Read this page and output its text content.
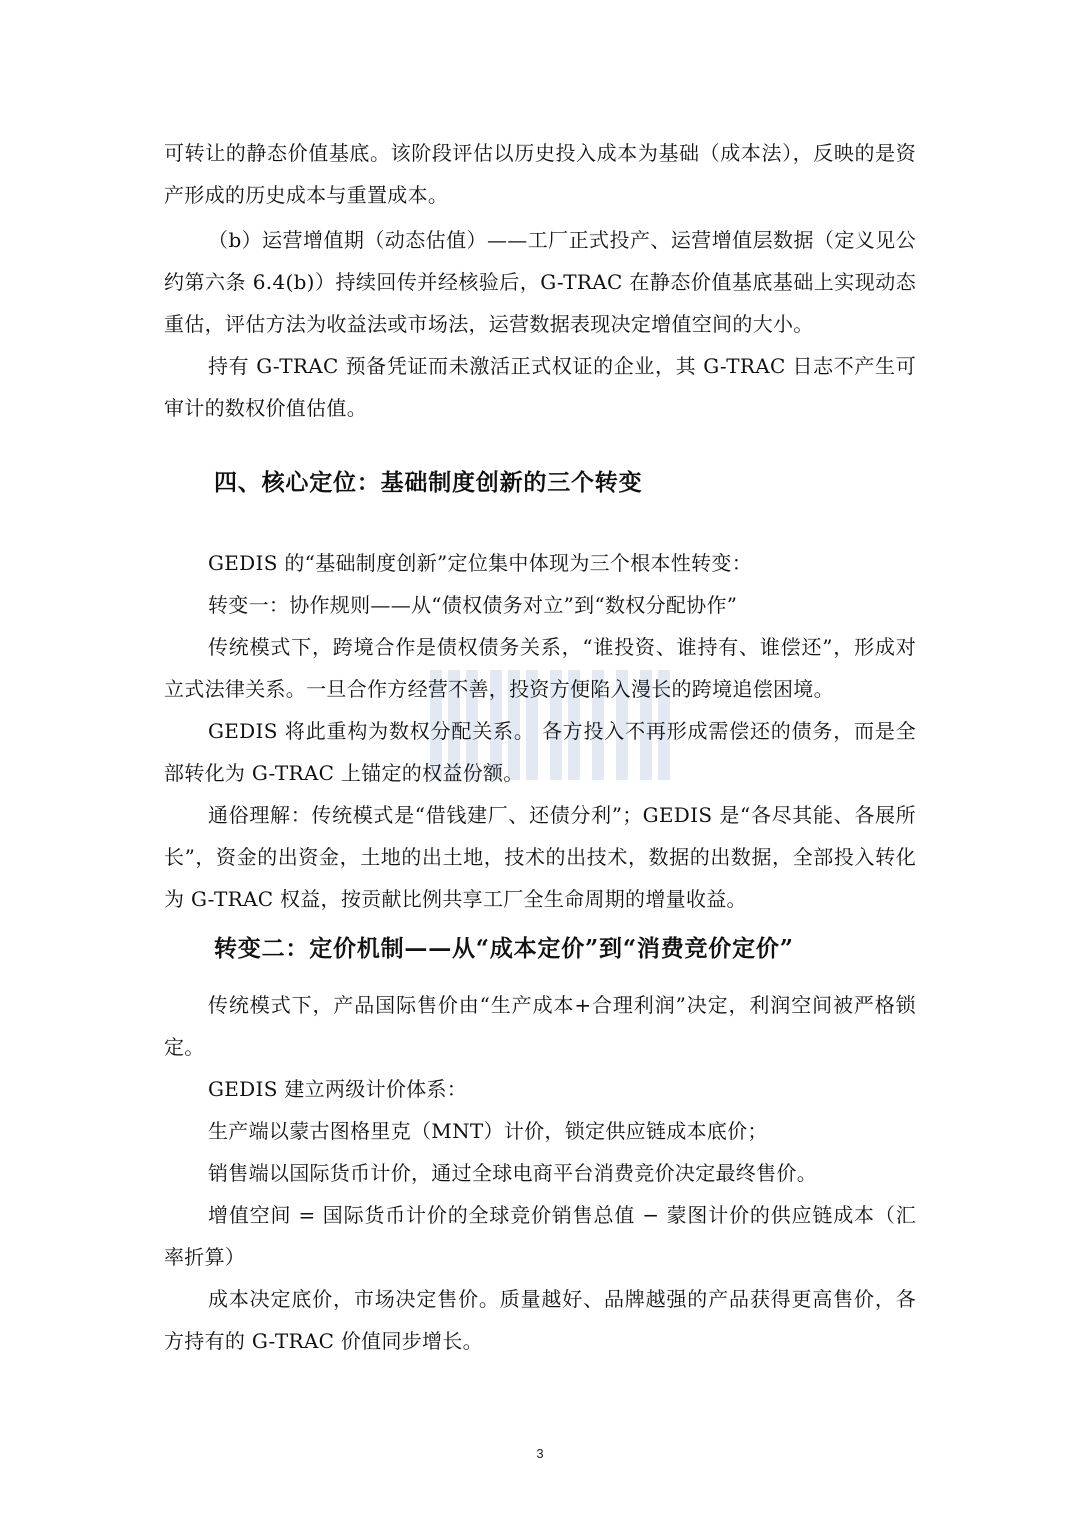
可转让的静态价值基底。该阶段评估以历史投入成本为基础（成本法），反映的是资产形成的历史成本与重置成本。

（b）运营增值期（动态估值）——工厂正式投产、运营增值层数据（定义见公约第六条 6.4(b)）持续回传并经核验后，G-TRAC 在静态价值基底基础上实现动态重估，评估方法为收益法或市场法，运营数据表现决定增值空间的大小。

持有 G-TRAC 预备凭证而未激活正式权证的企业，其 G-TRAC 日志不产生可审计的数权价值估值。

四、核心定位：基础制度创新的三个转变

GEDIS 的“基础制度创新”定位集中体现为三个根本性转变：

转变一：协作规则——从“债权债务对立”到“数权分配协作”

传统模式下，跨境合作是债权债务关系，“谁投资、谁持有、谁偿还”，形成对立式法律关系。一旦合作方经营不善，投资方便陷入漫长的跨境追偿困境。

GEDIS 将此重构为数权分配关系。 各方投入不再形成需偿还的债务，而是全部转化为 G-TRAC 上锚定的权益份额。

通俗理解：传统模式是“借钱建厂、还债分利”；GEDIS 是“各尽其能、各展所长”，资金的出资金，土地的出土地，技术的出技术，数据的出数据，全部投入转化为 G-TRAC 权益，按贡献比例共享工厂全生命周期的增量收益。

转变二：定价机制——从“成本定价”到“消费竞价定价”

传统模式下，产品国际售价由“生产成本+合理利润”决定，利润空间被严格锁定。

GEDIS 建立两级计价体系：

生产端以蒙古图格里克（MNT）计价，锁定供应链成本底价；

销售端以国际货币计价，通过全球电商平台消费竞价决定最终售价。

增值空间 = 国际货币计价的全球竞价销售总值 − 蒙图计价的供应链成本（汇率折算）

成本决定底价，市场决定售价。质量越好、品牌越强的产品获得更高售价，各方持有的 G-TRAC 价值同步增长。

3
